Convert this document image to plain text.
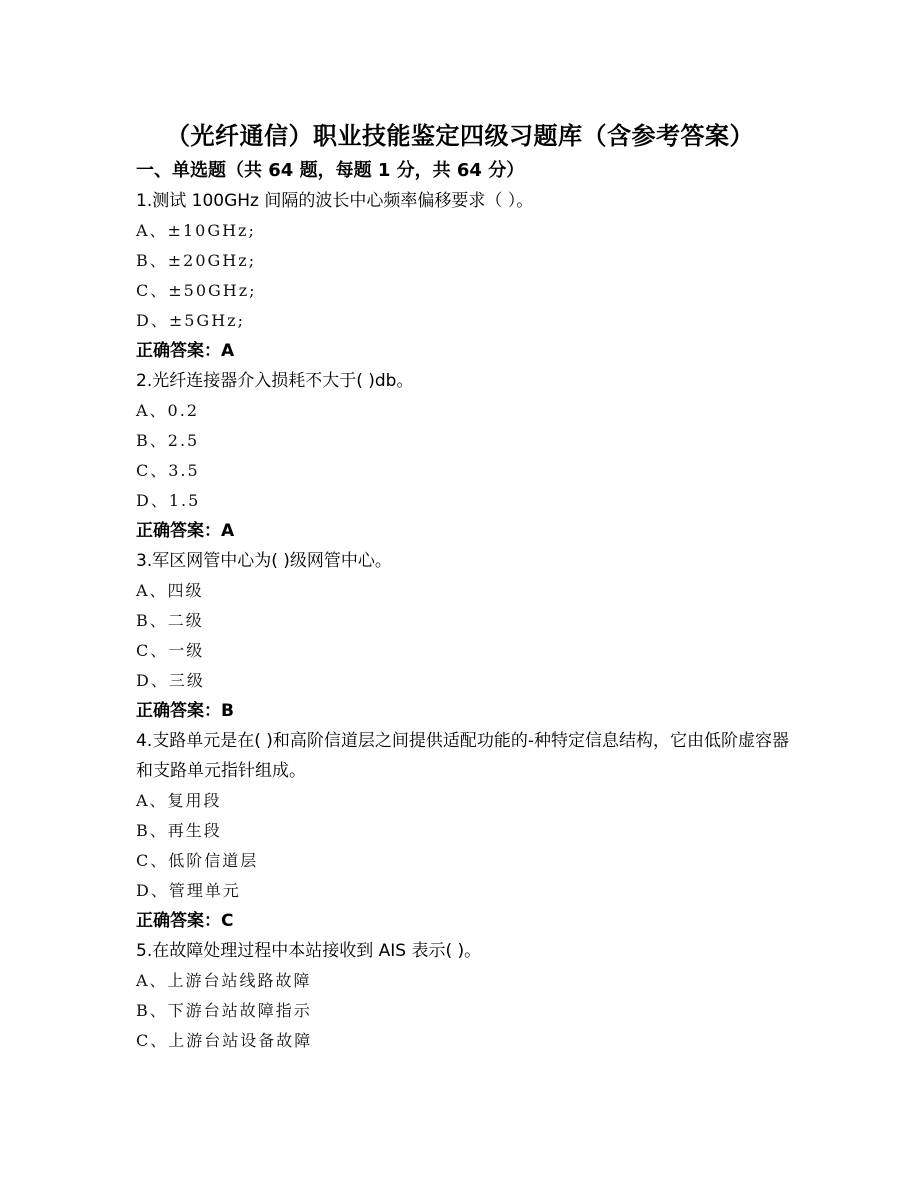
（光纤通信）职业技能鉴定四级习题库（含参考答案）
一、单选题（共 64 题，每题 1 分，共 64 分）
1.测试 100GHz 间隔的波长中心频率偏移要求（ ）。
A、±10GHz;
B、±20GHz;
C、±50GHz;
D、±5GHz;
正确答案：A
2.光纤连接器介入损耗不大于( )db。
A、0.2
B、2.5
C、3.5
D、1.5
正确答案：A
3.军区网管中心为( )级网管中心。
A、四级
B、二级
C、一级
D、三级
正确答案：B
4.支路单元是在( )和高阶信道层之间提供适配功能的-种特定信息结构，它由低阶虚容器和支路单元指针组成。
A、复用段
B、再生段
C、低阶信道层
D、管理单元
正确答案：C
5.在故障处理过程中本站接收到 AIS 表示( )。
A、上游台站线路故障
B、下游台站故障指示
C、上游台站设备故障
